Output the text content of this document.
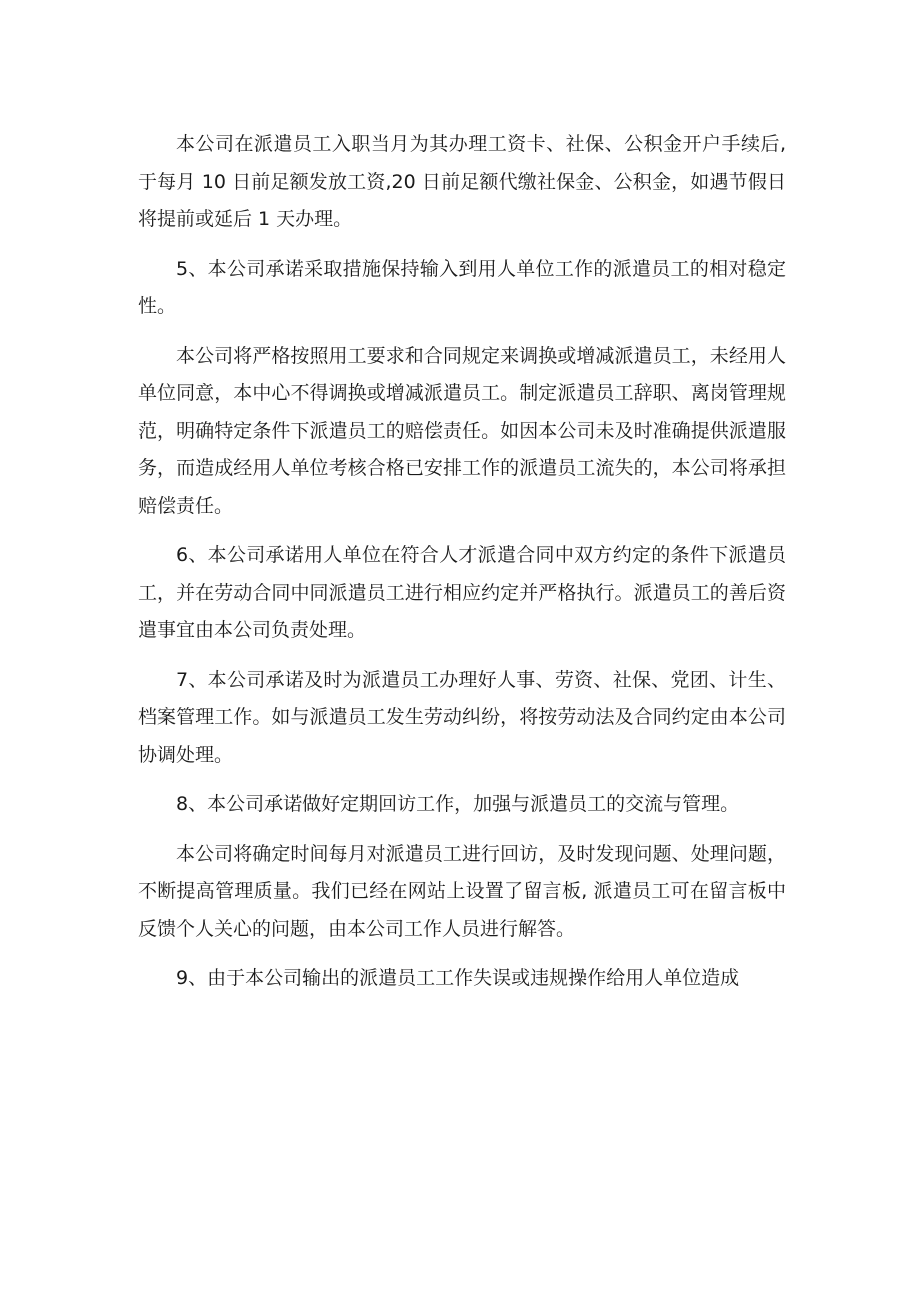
本公司在派遣员工入职当月为其办理工资卡、社保、公积金开户手续后, 于每月 10 日前足额发放工资,20 日前足额代缴社保金、公积金，如遇节假日将提前或延后 1 天办理。

5、本公司承诺采取措施保持输入到用人单位工作的派遣员工的相对稳定性。

本公司将严格按照用工要求和合同规定来调换或增减派遣员工，未经用人单位同意，本中心不得调换或增减派遣员工。制定派遣员工辞职、离岗管理规范，明确特定条件下派遣员工的赔偿责任。如因本公司未及时准确提供派遣服务，而造成经用人单位考核合格已安排工作的派遣员工流失的，本公司将承担赔偿责任。

6、本公司承诺用人单位在符合人才派遣合同中双方约定的条件下派遣员工，并在劳动合同中同派遣员工进行相应约定并严格执行。派遣员工的善后资遣事宜由本公司负责处理。

7、本公司承诺及时为派遣员工办理好人事、劳资、社保、党团、计生、档案管理工作。如与派遣员工发生劳动纠纷，将按劳动法及合同约定由本公司协调处理。

8、本公司承诺做好定期回访工作，加强与派遣员工的交流与管理。

本公司将确定时间每月对派遣员工进行回访，及时发现问题、处理问题，不断提高管理质量。我们已经在网站上设置了留言板, 派遣员工可在留言板中反馈个人关心的问题，由本公司工作人员进行解答。

9、由于本公司输出的派遣员工工作失误或违规操作给用人单位造成
